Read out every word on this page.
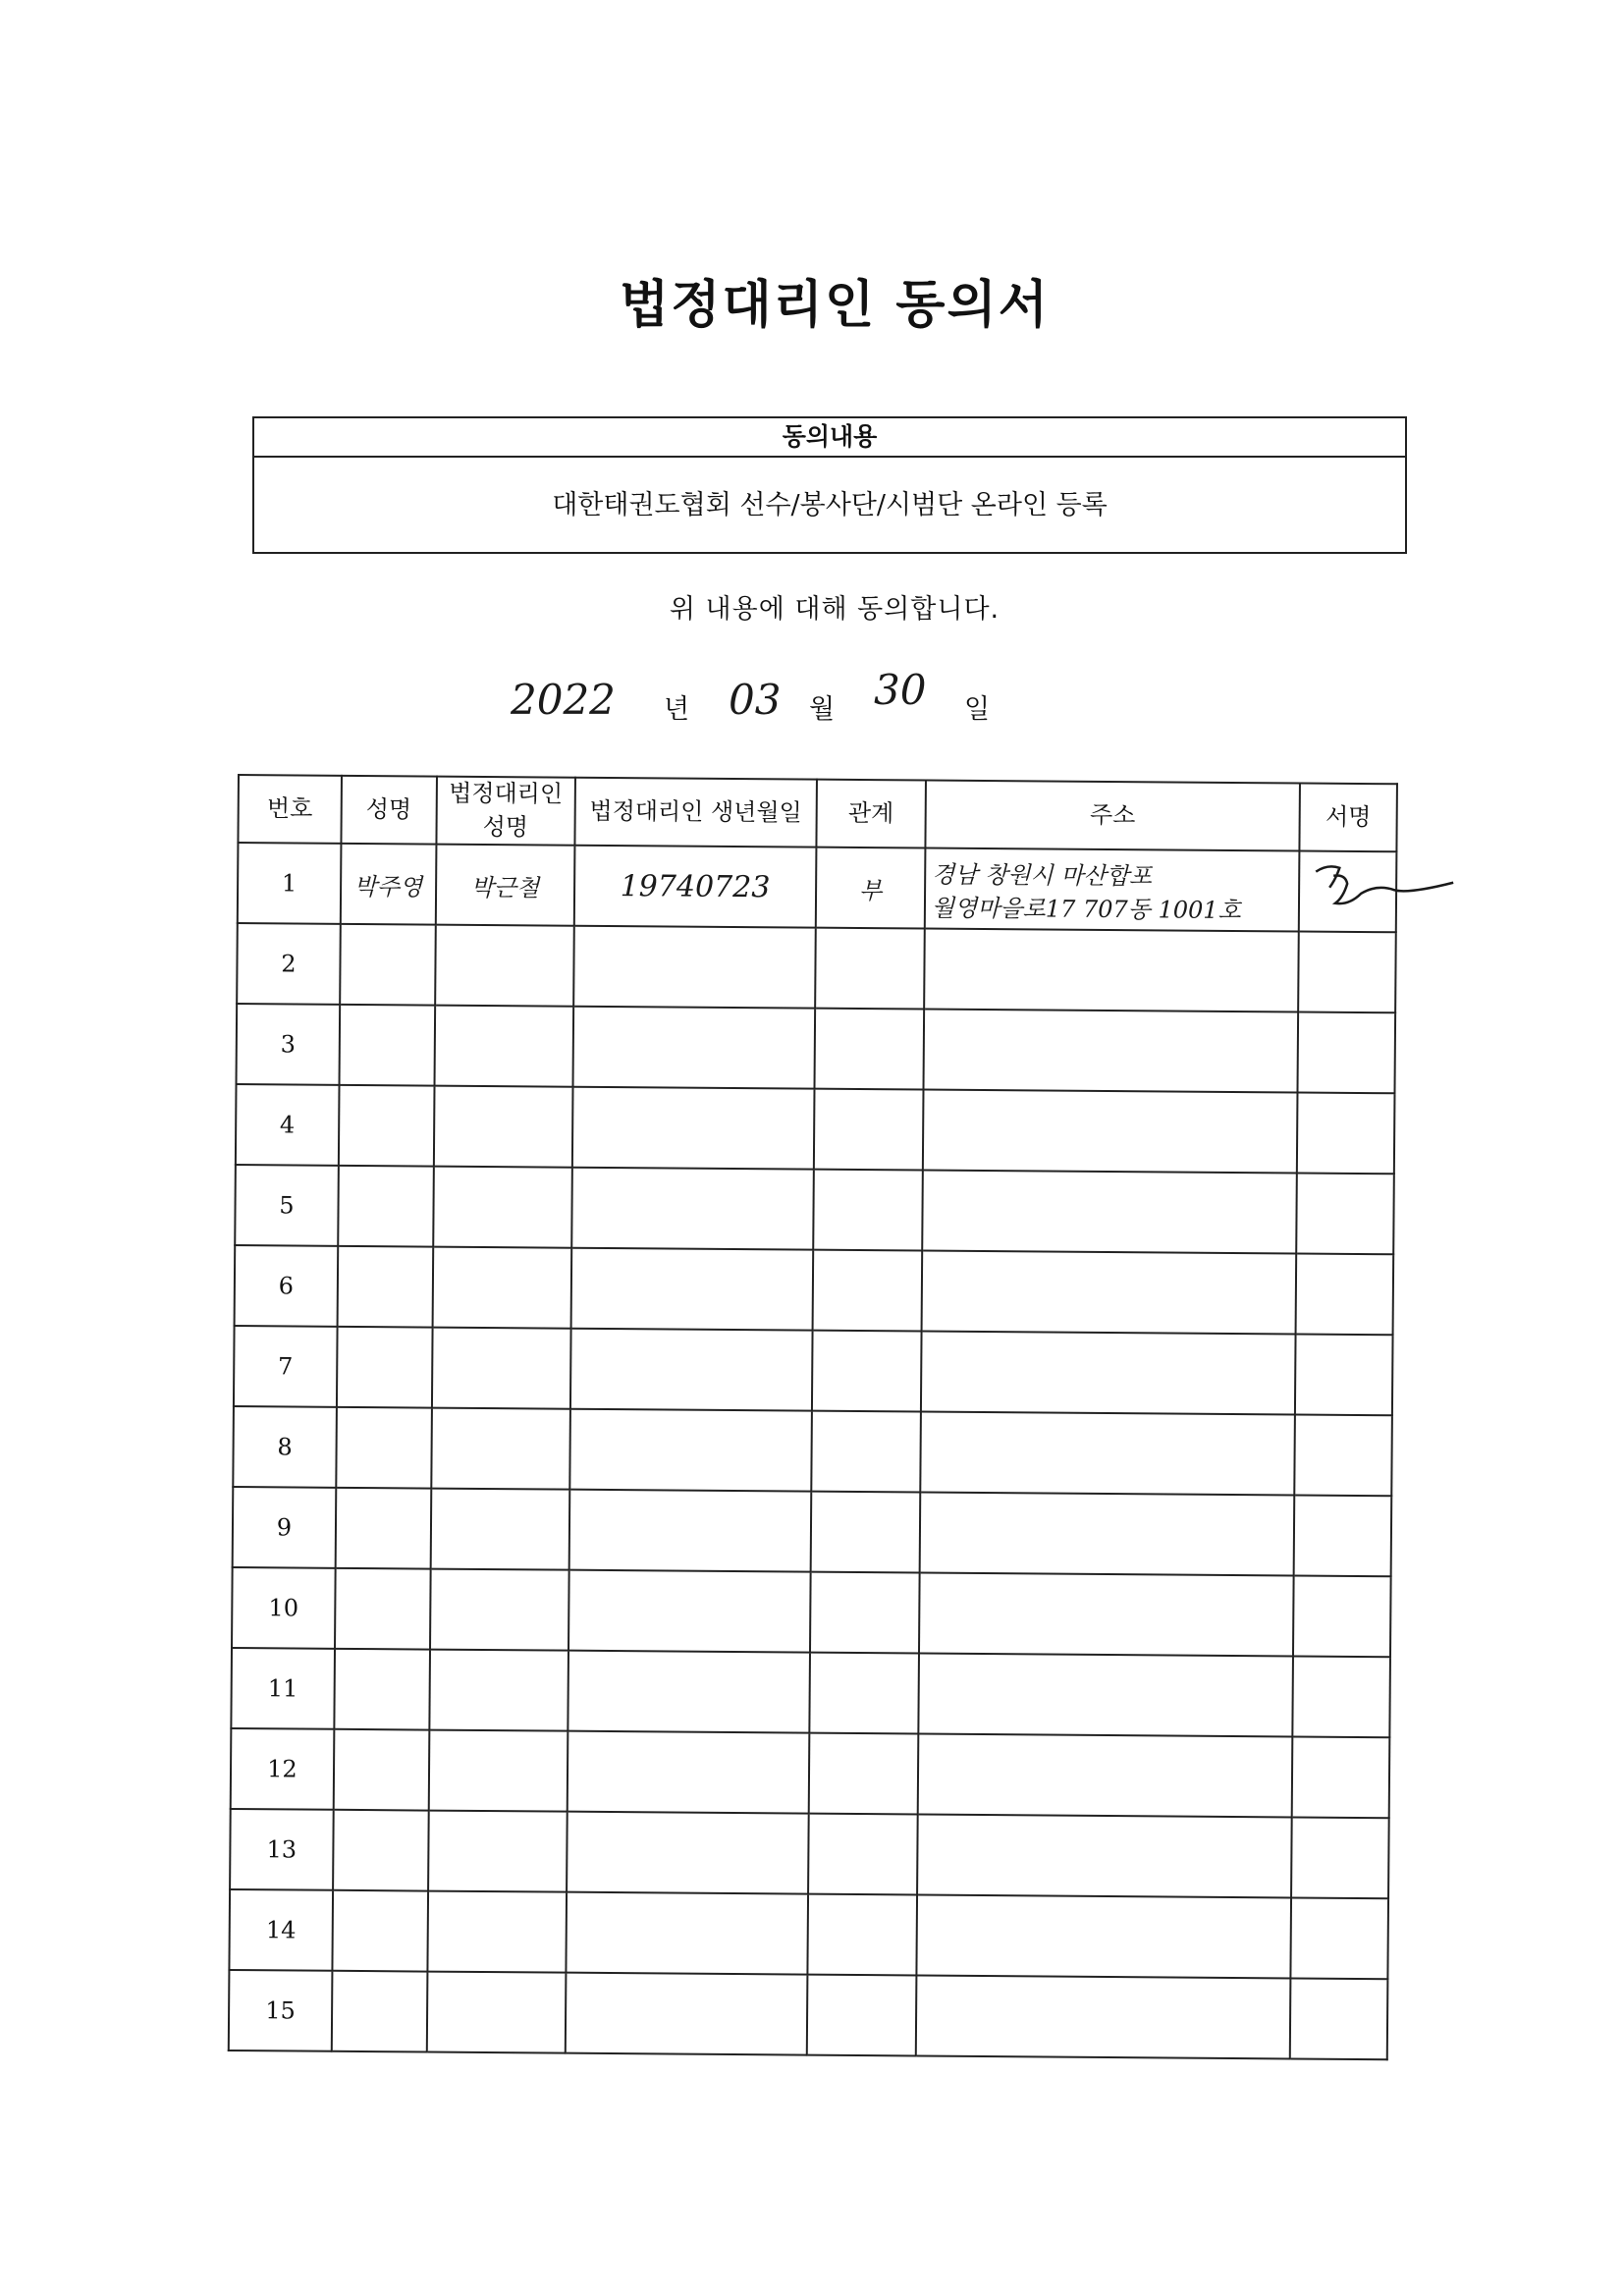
법정대리인 동의서
동의내용
대한태권도협회 선수/봉사단/시범단 온라인 등록
위 내용에 대해 동의합니다.
2022 년 03 월 30 일
번호	성명	법정대리인 성명	법정대리인 생년월일	관계	주소	서명
1	박주영	박근철	19740723	부	경남 창원시 마산합포
월영마을로17 707동 1001호

2						
3						
4						
5						
6						
7						
8						
9						
10						
11						
12						
13						
14						
15						
